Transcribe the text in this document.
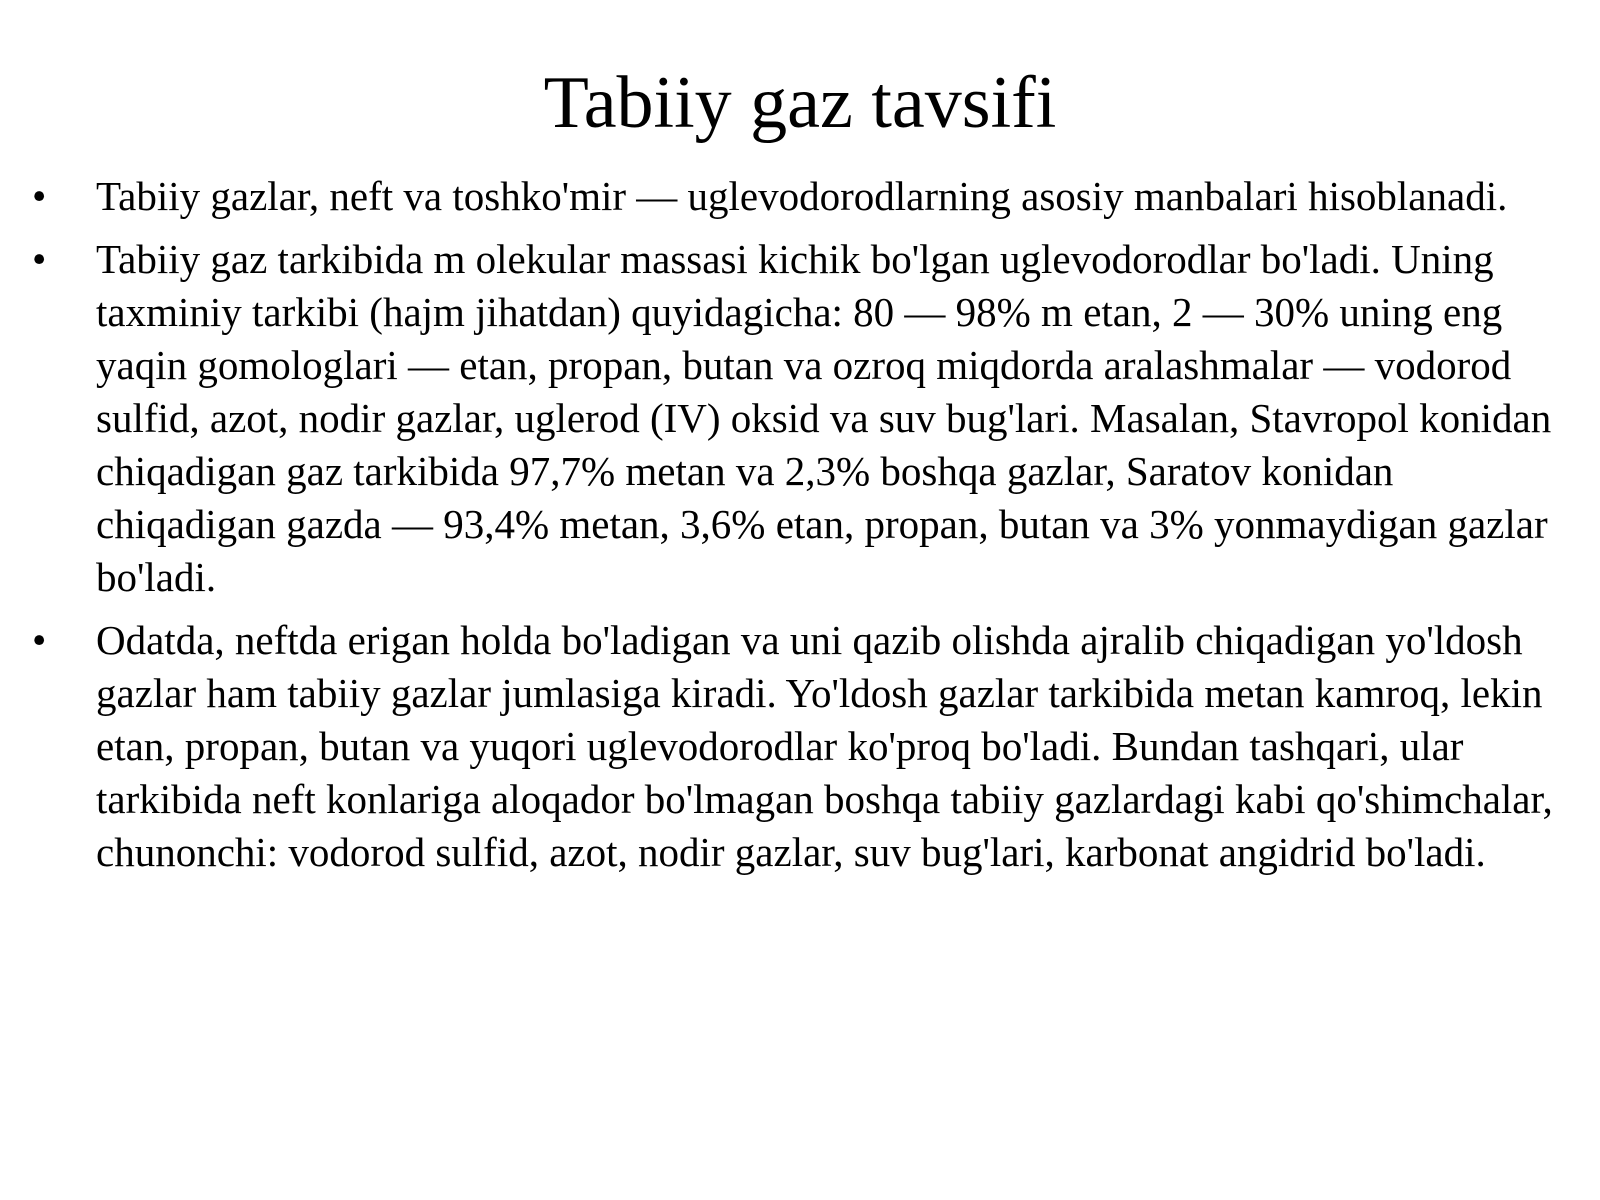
Tabiiy gaz tavsifi
• Tabiiy gazlar, neft va toshko'mir — uglevodorodlarning asosiy manbalari hisoblanadi.
• Tabiiy gaz tarkibida m olekular massasi kichik bo'lgan uglevodorodlar bo'ladi. Uning taxminiy tarkibi (hajm jihatdan) quyidagicha: 80 — 98% m etan, 2 — 30% uning eng yaqin gomologlari — etan, propan, butan va ozroq miqdorda aralashmalar — vodorod sulfid, azot, nodir gazlar, uglerod (IV) oksid va suv bug'lari. Masalan, Stavropol konidan chiqadigan gaz tarkibida 97,7% metan va 2,3% boshqa gazlar, Saratov konidan chiqadigan gazda — 93,4% metan, 3,6% etan, propan, butan va 3% yonmaydigan gazlar bo'ladi.
• Odatda, neftda erigan holda bo'ladigan va uni qazib olishda ajralib chiqadigan yo'ldosh gazlar ham tabiiy gazlar jumlasiga kiradi. Yo'ldosh gazlar tarkibida metan kamroq, lekin etan, propan, butan va yuqori uglevodorodlar ko'proq bo'ladi. Bundan tashqari, ular tarkibida neft konlariga aloqador bo'lmagan boshqa tabiiy gazlardagi kabi qo'shimchalar, chunonchi: vodorod sulfid, azot, nodir gazlar, suv bug'lari, karbonat angidrid bo'ladi.
